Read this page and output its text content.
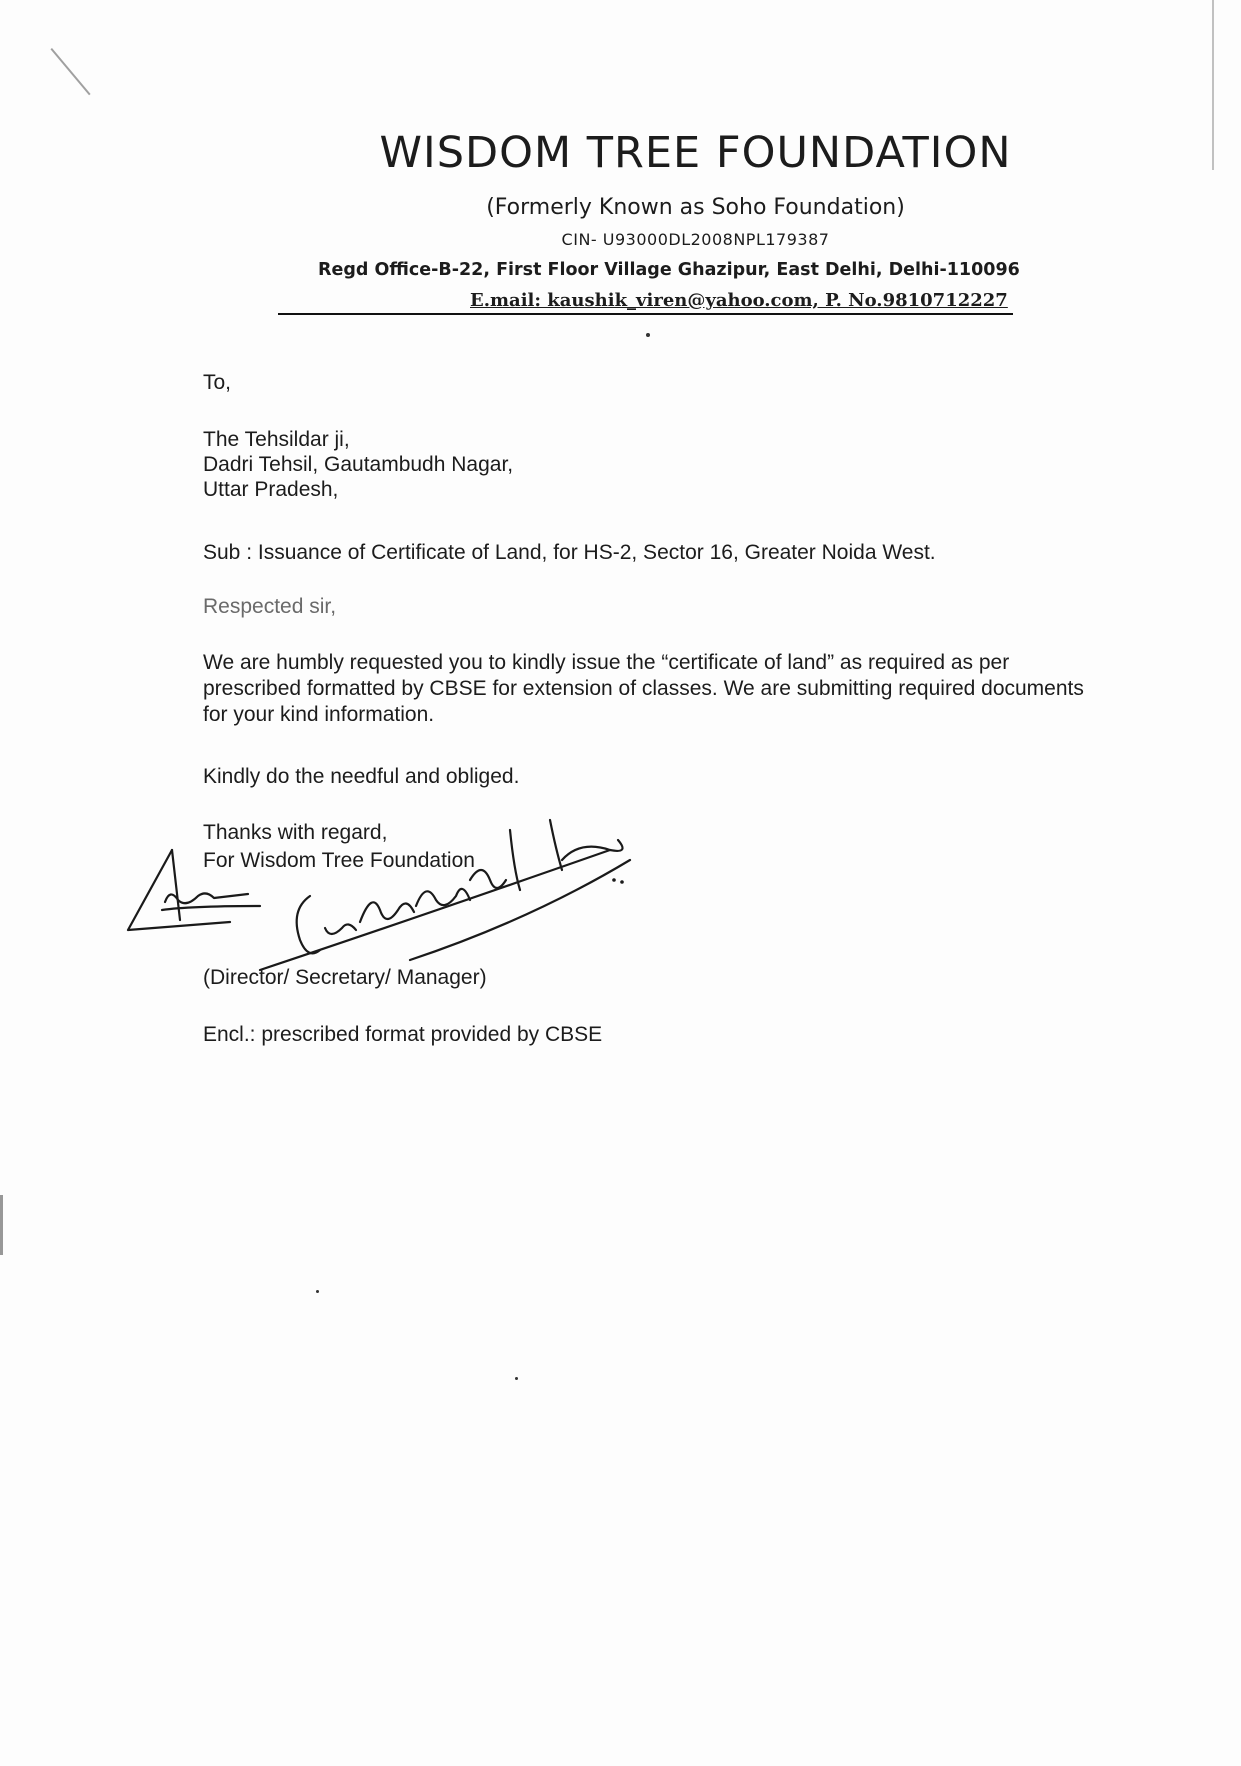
WISDOM TREE FOUNDATION
(Formerly Known as Soho Foundation)
CIN- U93000DL2008NPL179387
Regd Office-B-22, First Floor Village Ghazipur, East Delhi, Delhi-110096
E.mail: kaushik_viren@yahoo.com, P. No.9810712227
To,
The Tehsildar ji,
Dadri Tehsil, Gautambudh Nagar,
Uttar Pradesh,
Sub : Issuance of Certificate of Land, for HS-2, Sector 16, Greater Noida West.
Respected sir,
We are humbly requested you to kindly issue the “certificate of land” as required as per prescribed formatted by CBSE for extension of classes. We are submitting required documents for your kind information.
Kindly do the needful and obliged.
Thanks with regard,
For Wisdom Tree Foundation
(Director/ Secretary/ Manager)
Encl.: prescribed format provided by CBSE
